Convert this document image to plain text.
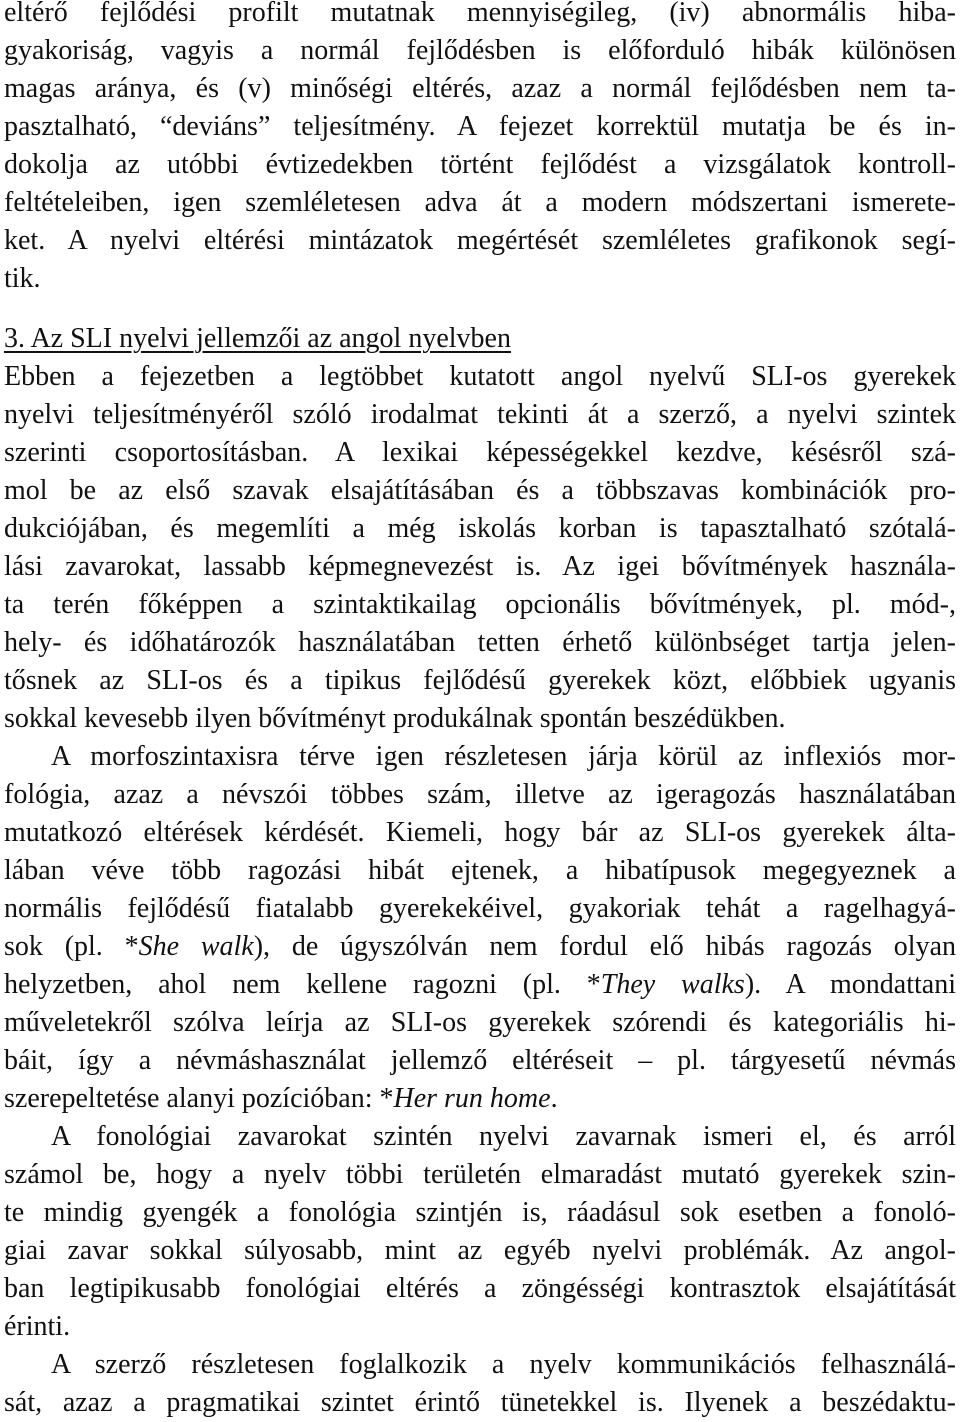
eltérő fejlődési profilt mutatnak mennyiségileg, (iv) abnormális hiba-
gyakoriság, vagyis a normál fejlődésben is előforduló hibák különösen
magas aránya, és (v) minőségi eltérés, azaz a normál fejlődésben nem ta-
pasztalható, “deviáns” teljesítmény. A fejezet korrektül mutatja be és in-
dokolja az utóbbi évtizedekben történt fejlődést a vizsgálatok kontroll-
feltételeiben, igen szemléletesen adva át a modern módszertani ismerete-
ket. A nyelvi eltérési mintázatok megértését szemléletes grafikonok segí-
tik.
3. Az SLI nyelvi jellemzői az angol nyelvben
Ebben a fejezetben a legtöbbet kutatott angol nyelvű SLI-os gyerekek
nyelvi teljesítményéről szóló irodalmat tekinti át a szerző, a nyelvi szintek
szerinti csoportosításban. A lexikai képességekkel kezdve, késésről szá-
mol be az első szavak elsajátításában és a többszavas kombinációk pro-
dukciójában, és megemlíti a még iskolás korban is tapasztalható szótalá-
lási zavarokat, lassabb képmegnevezést is. Az igei bővítmények használa-
ta terén főképpen a szintaktikailag opcionális bővítmények, pl. mód-,
hely- és időhatározók használatában tetten érhető különbséget tartja jelen-
tősnek az SLI-os és a tipikus fejlődésű gyerekek közt, előbbiek ugyanis
sokkal kevesebb ilyen bővítményt produkálnak spontán beszédükben.
A morfoszintaxisra térve igen részletesen járja körül az inflexiós mor-
fológia, azaz a névszói többes szám, illetve az igeragozás használatában
mutatkozó eltérések kérdését. Kiemeli, hogy bár az SLI-os gyerekek álta-
lában véve több ragozási hibát ejtenek, a hibatípusok megegyeznek a
normális fejlődésű fiatalabb gyerekekéivel, gyakoriak tehát a ragelhagyá-
sok (pl. *She walk), de úgyszólván nem fordul elő hibás ragozás olyan
helyzetben, ahol nem kellene ragozni (pl. *They walks). A mondattani
műveletekről szólva leírja az SLI-os gyerekek szórendi és kategoriális hi-
báit, így a névmáshasználat jellemző eltéréseit – pl. tárgyesetű névmás
szerepeltetése alanyi pozícióban: *Her run home.
A fonológiai zavarokat szintén nyelvi zavarnak ismeri el, és arról
számol be, hogy a nyelv többi területén elmaradást mutató gyerekek szin-
te mindig gyengék a fonológia szintjén is, ráadásul sok esetben a fonoló-
giai zavar sokkal súlyosabb, mint az egyéb nyelvi problémák. Az angol-
ban legtipikusabb fonológiai eltérés a zöngésségi kontrasztok elsajátítását
érinti.
A szerző részletesen foglalkozik a nyelv kommunikációs felhasználá-
sát, azaz a pragmatikai szintet érintő tünetekkel is. Ilyenek a beszédaktu-
